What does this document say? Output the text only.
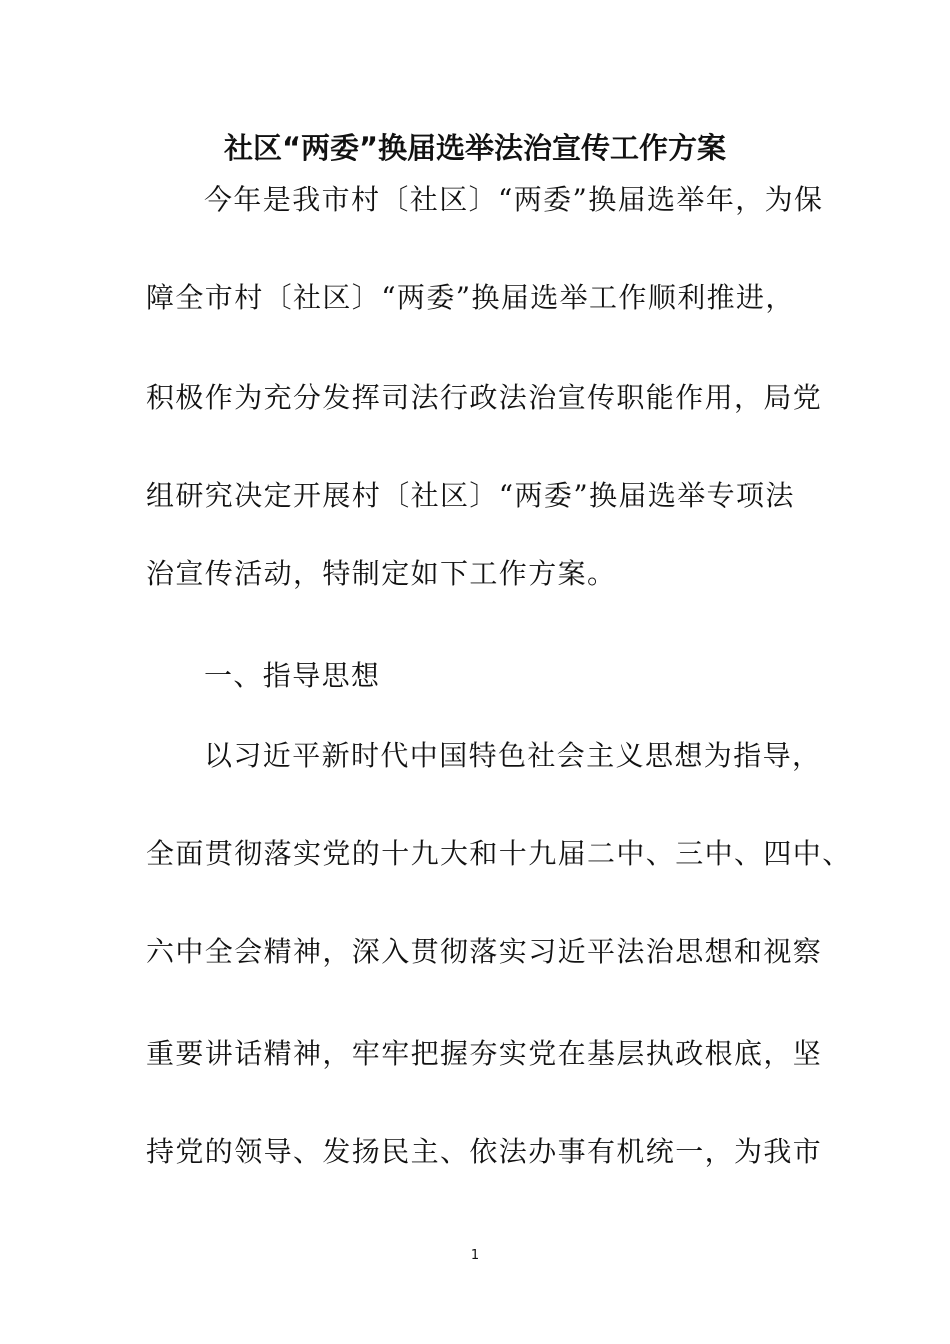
社区“两委”换届选举法治宣传工作方案
今年是我市村〔社区〕“两委”换届选举年，为保
障全市村〔社区〕“两委”换届选举工作顺利推进，
积极作为充分发挥司法行政法治宣传职能作用，局党
组研究决定开展村〔社区〕“两委”换届选举专项法
治宣传活动，特制定如下工作方案。
一、指导思想
以习近平新时代中国特色社会主义思想为指导，
全面贯彻落实党的十九大和十九届二中、三中、四中、
六中全会精神，深入贯彻落实习近平法治思想和视察
重要讲话精神，牢牢把握夯实党在基层执政根底，坚
持党的领导、发扬民主、依法办事有机统一，为我市
1
